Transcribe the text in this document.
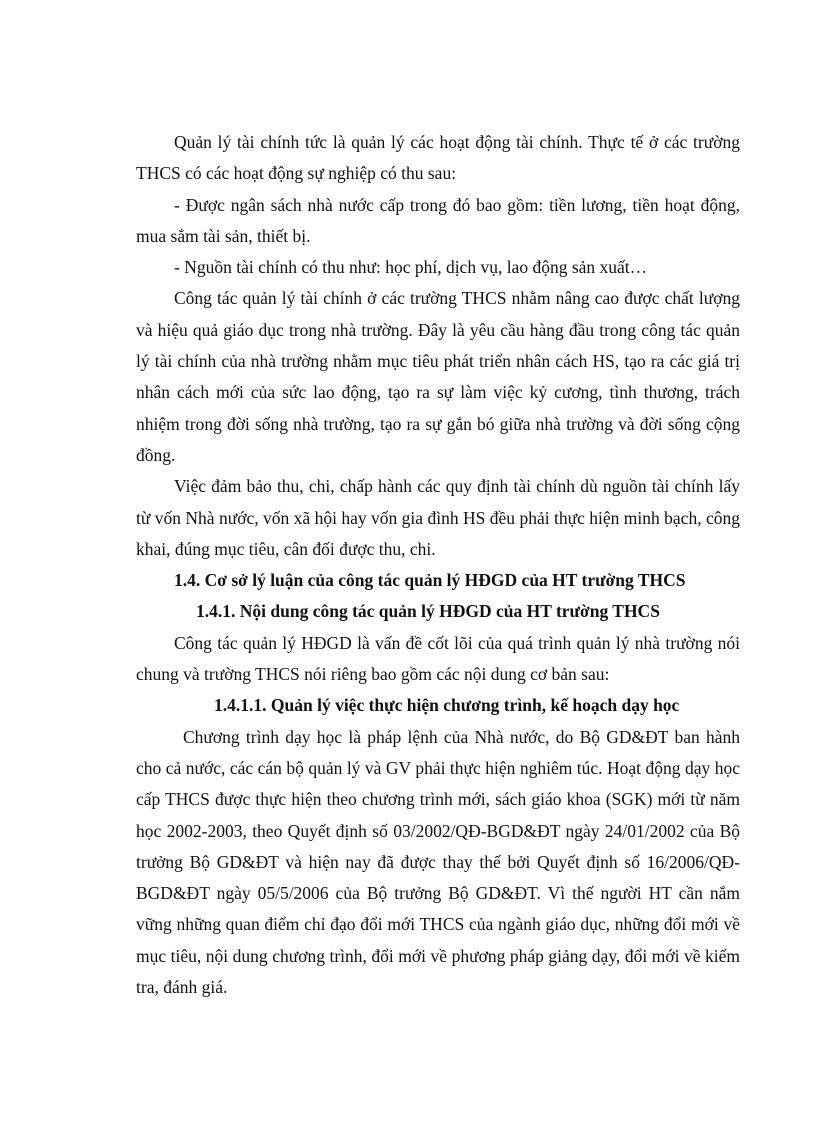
Quản lý tài chính tức là quản lý các hoạt động tài chính. Thực tế ở các trường THCS có các hoạt động sự nghiệp có thu sau:

- Được ngân sách nhà nước cấp trong đó bao gồm: tiền lương, tiền hoạt động, mua sắm tài sản, thiết bị.

- Nguồn tài chính có thu như: học phí, dịch vụ, lao động sản xuất…

Công tác quản lý tài chính ở các trường THCS nhằm nâng cao được chất lượng và hiệu quả giáo dục trong nhà trường. Đây là yêu cầu hàng đầu trong công tác quản lý tài chính của nhà trường nhằm mục tiêu phát triển nhân cách HS, tạo ra các giá trị nhân cách mới của sức lao động, tạo ra sự làm việc kỷ cương, tình thương, trách nhiệm trong đời sống nhà trường, tạo ra sự gắn bó giữa nhà trường và đời sống cộng đồng.

Việc đảm bảo thu, chi, chấp hành các quy định tài chính dù nguồn tài chính lấy từ vốn Nhà nước, vốn xã hội hay vốn gia đình HS đều phải thực hiện minh bạch, công khai, đúng mục tiêu, cân đối được thu, chi.

1.4. Cơ sở lý luận của công tác quản lý HĐGD của HT trường THCS
1.4.1. Nội dung công tác quản lý HĐGD của HT trường THCS

Công tác quản lý HĐGD là vấn đề cốt lõi của quá trình quản lý nhà trường nói chung và trường THCS nói riêng bao gồm các nội dung cơ bản sau:

1.4.1.1. Quản lý việc thực hiện chương trình, kế hoạch dạy học

Chương trình dạy học là pháp lệnh của Nhà nước, do Bộ GD&ĐT ban hành cho cả nước, các cán bộ quản lý và GV phải thực hiện nghiêm túc. Hoạt động dạy học cấp THCS được thực hiện theo chương trình mới, sách giáo khoa (SGK) mới từ năm học 2002-2003, theo Quyết định số 03/2002/QĐ-BGD&ĐT ngày 24/01/2002 của Bộ trưởng Bộ GD&ĐT và hiện nay đã được thay thế bởi Quyết định số 16/2006/QĐ-BGD&ĐT ngày 05/5/2006 của Bộ trưởng Bộ GD&ĐT. Vì thế người HT cần nắm vững những quan điểm chỉ đạo đổi mới THCS của ngành giáo dục, những đổi mới về mục tiêu, nội dung chương trình, đổi mới về phương pháp giảng dạy, đổi mới về kiểm tra, đánh giá.
